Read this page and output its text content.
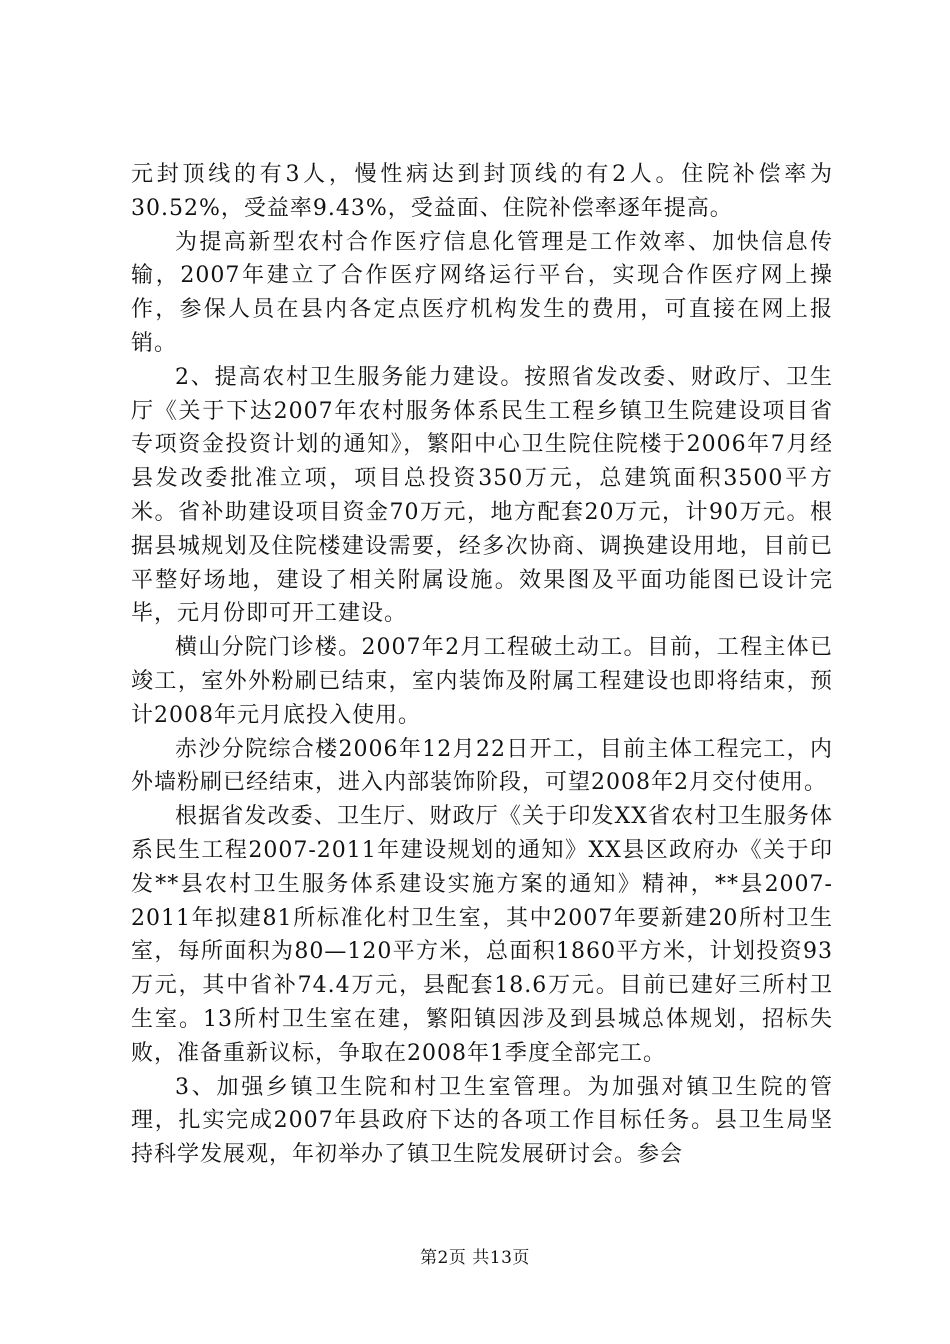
元封顶线的有3人，慢性病达到封顶线的有2人。住院补偿率为30.52%，受益率9.43%，受益面、住院补偿率逐年提高。

为提高新型农村合作医疗信息化管理是工作效率、加快信息传输，2007年建立了合作医疗网络运行平台，实现合作医疗网上操作，参保人员在县内各定点医疗机构发生的费用，可直接在网上报销。

2、提高农村卫生服务能力建设。按照省发改委、财政厅、卫生厅《关于下达2007年农村服务体系民生工程乡镇卫生院建设项目省专项资金投资计划的通知》，繁阳中心卫生院住院楼于2006年7月经县发改委批准立项，项目总投资350万元，总建筑面积3500平方米。省补助建设项目资金70万元，地方配套20万元，计90万元。根据县城规划及住院楼建设需要，经多次协商、调换建设用地，目前已平整好场地，建设了相关附属设施。效果图及平面功能图已设计完毕，元月份即可开工建设。

横山分院门诊楼。2007年2月工程破土动工。目前，工程主体已竣工，室外外粉刷已结束，室内装饰及附属工程建设也即将结束，预计2008年元月底投入使用。

赤沙分院综合楼2006年12月22日开工，目前主体工程完工，内外墙粉刷已经结束，进入内部装饰阶段，可望2008年2月交付使用。

根据省发改委、卫生厅、财政厅《关于印发XX省农村卫生服务体系民生工程2007-2011年建设规划的通知》XX县区政府办《关于印发**县农村卫生服务体系建设实施方案的通知》精神，**县2007-2011年拟建81所标准化村卫生室，其中2007年要新建20所村卫生室，每所面积为80—120平方米，总面积1860平方米，计划投资93万元，其中省补74.4万元，县配套18.6万元。目前已建好三所村卫生室。13所村卫生室在建，繁阳镇因涉及到县城总体规划，招标失败，准备重新议标，争取在2008年1季度全部完工。

3、加强乡镇卫生院和村卫生室管理。为加强对镇卫生院的管理，扎实完成2007年县政府下达的各项工作目标任务。县卫生局坚持科学发展观，年初举办了镇卫生院发展研讨会。参会

第2页 共13页
